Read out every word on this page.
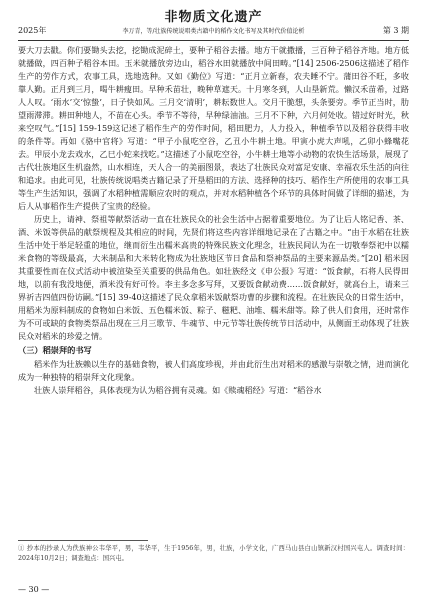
非物质文化遗产
2025年	李万青，等/壮族传统说唱类古籍中的稻作文化书写及其时代价值论析	第 3 期

要大刀去戳。你们要锄头去挖，挖锄成泥碎土，要种子稻谷去播。地方干就撒播，三百种子稻谷齐地。地方低就播做，四百种子稻谷本田。玉米就播放旁边山，稻谷水田就播放中间田畴。”[14] 2506-2506这描述了稻作生产的劳作方式，农事工具，选地选种。又如《勤位》写道：“正月立新春，农夫睡不宁。蒲田谷不旺，多收靠人勤。正月到三月，喝牛耕瘦田。早种禾苗壮，晚种草遮天。十月寒冬到，人山垦新荒。懒汉禾苗希，过路人人叹。‘雨水’交‘惊蛰’，日子快如风。三月交‘清明’，耕耘数世人。交月干脆想，头条要旁。季节正当时，肋望雨滞滞。耕田种地人，不苗在心头。季节不等待，早种绿油油。三月不下种，六月何处收。错过好时光，秋来空叹气。”[15] 159-159这记述了稻作生产的劳作时间，稻田肥力，人力投入，种植季节以及稻谷获得丰收的条件等。再如《骆中官将》写道：“甲子小鼠吃空谷，乙丑小牛耕土地。甲寅小虎大声吼，乙卯小蜂嘴花去。甲辰小龙去戏水，乙巳小蛇来找吃。”这描述了小鼠吃空谷，小牛耕土地等小动物的农快生活场景，展现了古代壮族地区生机盎然，山水相连，天人合一的美丽图景，表达了壮族民众对富足安康、幸福农乐生活的向往和追求。由此可见，壮族传统说唱类古籍记录了开垦稻田的方法、选择种的技巧、稻作生产所使用的农事工具等生产生活知识，强调了水稻种植需顺应农时的观点，并对水稻种植各个环节的具体时间做了详细的描述，为后人从事稻作生产提供了宝贵的经验。

历史上，请神、祭祖等献祭活动一直在壮族民众的社会生活中占据着重要地位。为了让后人铭记香、茶、酒、米饭等供品的献祭规程及其相应的时间，先贤们将这些内容详细地记录在了古籍之中。“由于水稻在壮族生活中处于举足轻重的地位，继而衍生出糯米高贵的特殊民族文化理念，壮族民间认为在一切敬奉祭祀中以糯米食物的等级最高，大米制品和大米转化物成为壮族地区节日食品和祭神祭品的主要来源品类。”[20] 稻米因其重要性而在仪式活动中被渲染至关重要的供品角色。如壮族经文《申公报》写道：“饭食献，石将人民得田地，以前有我没地便，酒米没有好可怜。李主多念多写拜，又要饭食献动费……饭食献好，就高台上，请来三界祈吉四值四份访嗣。”[15] 39-40这描述了民众拿稻米饭献祭功曹的步骤和流程。在壮族民众的日常生活中，用稻米为原料制成的食物如白米饭、五色糯米饭、粽子、糍粑、油堆、糯米甜等。除了供人们食用，还时常作为不可或缺的食物类祭品出现在三月三歌节、牛魂节、中元节等壮族传统节日活动中，从侧面王动体现了壮族民众对稻米的珍爱之情。

（三）稻崇拜的书写

稻米作为壮族赖以生存的基础食物，被人们高度珍视，并由此衍生出对稻米的感激与崇敬之情，进而演化成为一种独特的稻崇拜文化现象。

壮族人崇拜稻谷，具体表现为认为稻谷拥有灵魂。如《赎魂稻经》写道：“稻谷水

① 抄本的抄录人为佚族神公韦华平，男，韦华平，生于1956年，男，壮族，小学文化，广西马山县白山镇新汉村国兴屯人。调查时间：2024年10月2日；调查地点：国兴屯。
— 30 —
